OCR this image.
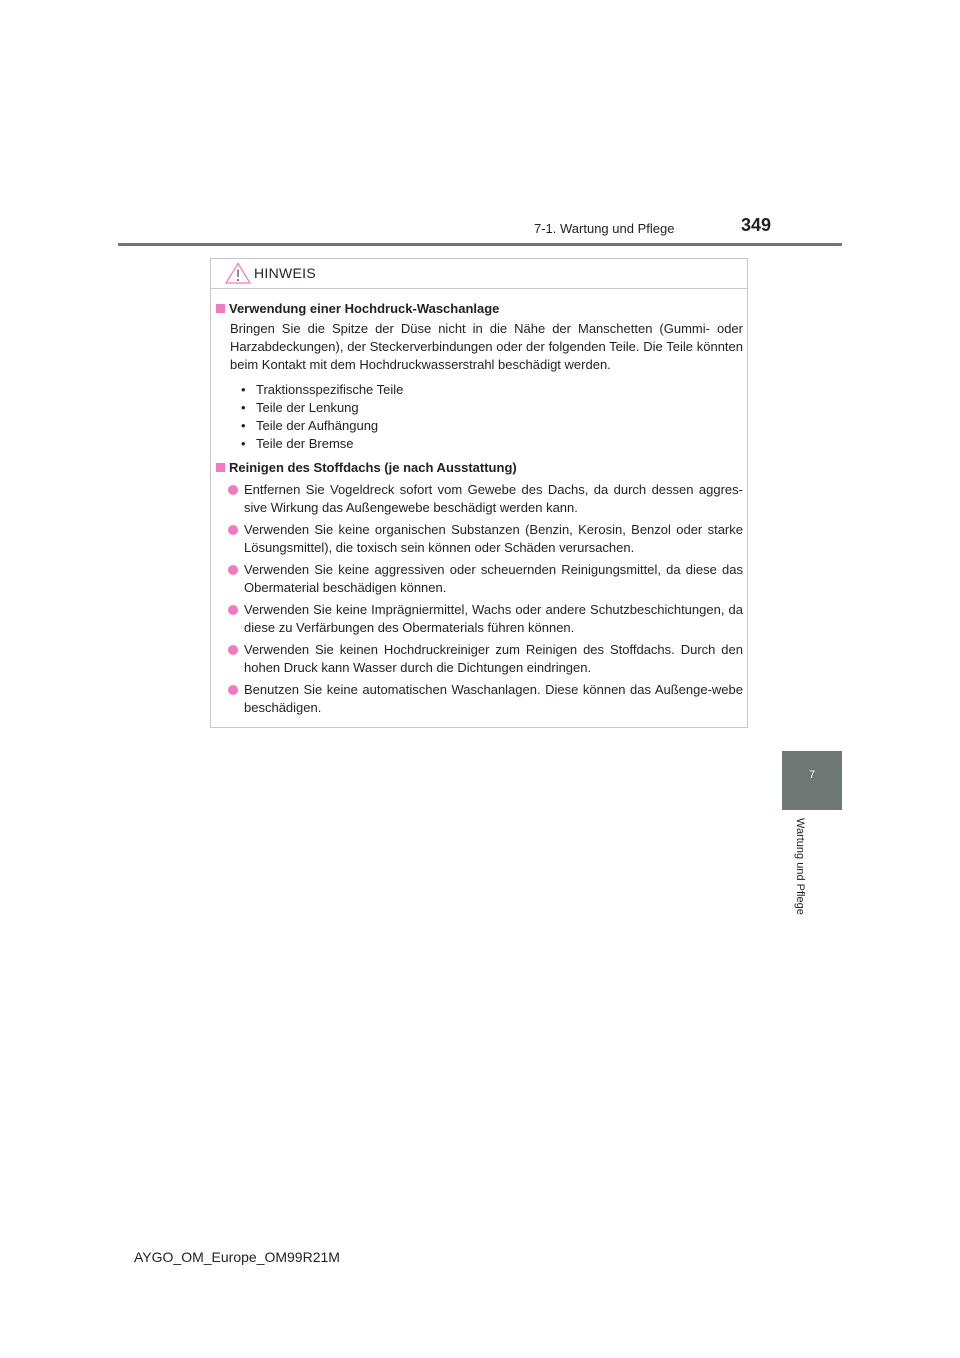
7-1. Wartung und Pflege	349
7
Wartung und Pflege
HINWEIS

Verwendung einer Hochdruck-Waschanlage

Bringen Sie die Spitze der Düse nicht in die Nähe der Manschetten (Gummi- oder Harzabdeckungen), der Steckerverbindungen oder der folgenden Teile. Die Teile könnten beim Kontakt mit dem Hochdruckwasserstrahl beschädigt werden.

• Traktionsspezifische Teile
• Teile der Lenkung
• Teile der Aufhängung
• Teile der Bremse

Reinigen des Stoffdachs (je nach Ausstattung)

Entfernen Sie Vogeldreck sofort vom Gewebe des Dachs, da durch dessen aggres-sive Wirkung das Außengewebe beschädigt werden kann.
Verwenden Sie keine organischen Substanzen (Benzin, Kerosin, Benzol oder starke Lösungsmittel), die toxisch sein können oder Schäden verursachen.
Verwenden Sie keine aggressiven oder scheuernden Reinigungsmittel, da diese das Obermaterial beschädigen können.
Verwenden Sie keine Imprägniermittel, Wachs oder andere Schutzbeschichtungen, da diese zu Verfärbungen des Obermaterials führen können.
Verwenden Sie keinen Hochdruckreiniger zum Reinigen des Stoffdachs. Durch den hohen Druck kann Wasser durch die Dichtungen eindringen.
Benutzen Sie keine automatischen Waschanlagen. Diese können das Außenge-webe beschädigen.
AYGO_OM_Europe_OM99R21M
